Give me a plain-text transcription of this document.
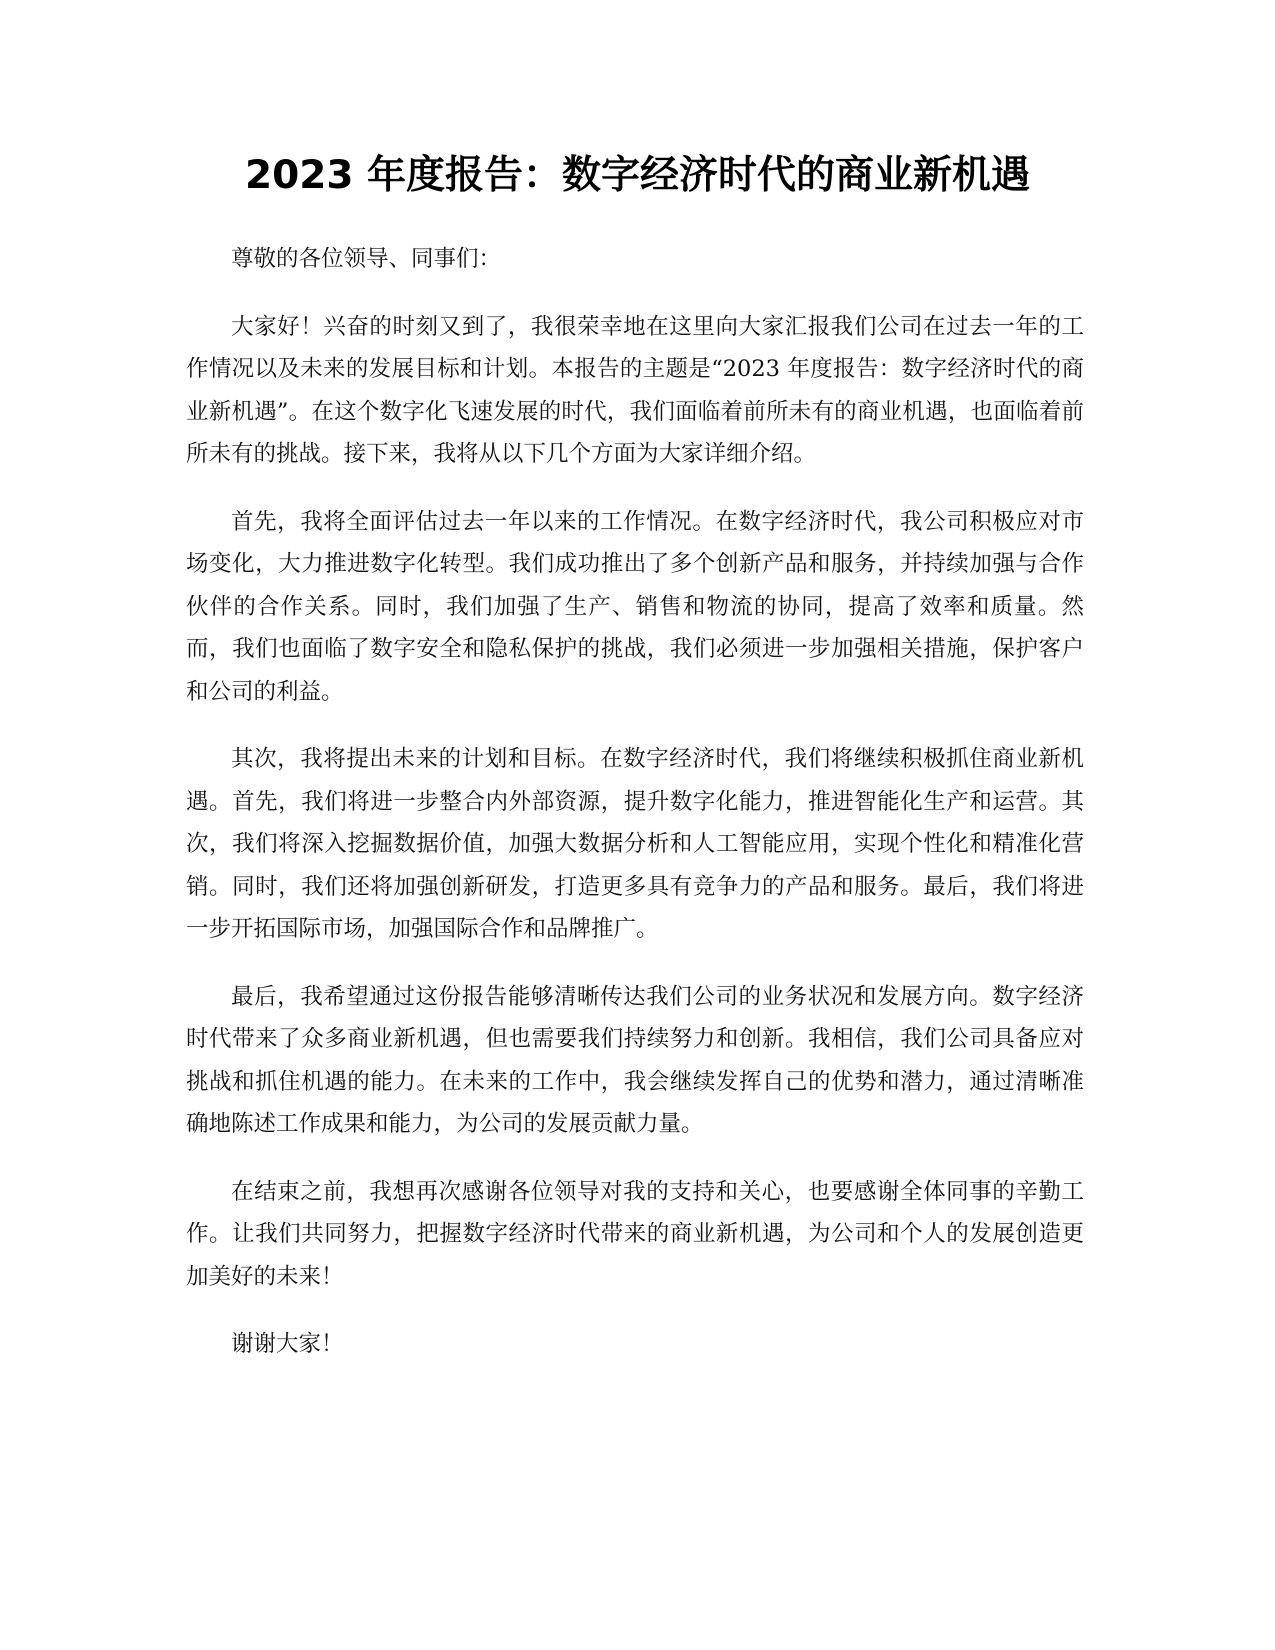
2023 年度报告：数字经济时代的商业新机遇

尊敬的各位领导、同事们：

大家好！兴奋的时刻又到了，我很荣幸地在这里向大家汇报我们公司在过去一年的工作情况以及未来的发展目标和计划。本报告的主题是“2023 年度报告：数字经济时代的商业新机遇”。在这个数字化飞速发展的时代，我们面临着前所未有的商业机遇，也面临着前所未有的挑战。接下来，我将从以下几个方面为大家详细介绍。

首先，我将全面评估过去一年以来的工作情况。在数字经济时代，我公司积极应对市场变化，大力推进数字化转型。我们成功推出了多个创新产品和服务，并持续加强与合作伙伴的合作关系。同时，我们加强了生产、销售和物流的协同，提高了效率和质量。然而，我们也面临了数字安全和隐私保护的挑战，我们必须进一步加强相关措施，保护客户和公司的利益。

其次，我将提出未来的计划和目标。在数字经济时代，我们将继续积极抓住商业新机遇。首先，我们将进一步整合内外部资源，提升数字化能力，推进智能化生产和运营。其次，我们将深入挖掘数据价值，加强大数据分析和人工智能应用，实现个性化和精准化营销。同时，我们还将加强创新研发，打造更多具有竞争力的产品和服务。最后，我们将进一步开拓国际市场，加强国际合作和品牌推广。

最后，我希望通过这份报告能够清晰传达我们公司的业务状况和发展方向。数字经济时代带来了众多商业新机遇，但也需要我们持续努力和创新。我相信，我们公司具备应对挑战和抓住机遇的能力。在未来的工作中，我会继续发挥自己的优势和潜力，通过清晰准确地陈述工作成果和能力，为公司的发展贡献力量。

在结束之前，我想再次感谢各位领导对我的支持和关心，也要感谢全体同事的辛勤工作。让我们共同努力，把握数字经济时代带来的商业新机遇，为公司和个人的发展创造更加美好的未来！

谢谢大家！
